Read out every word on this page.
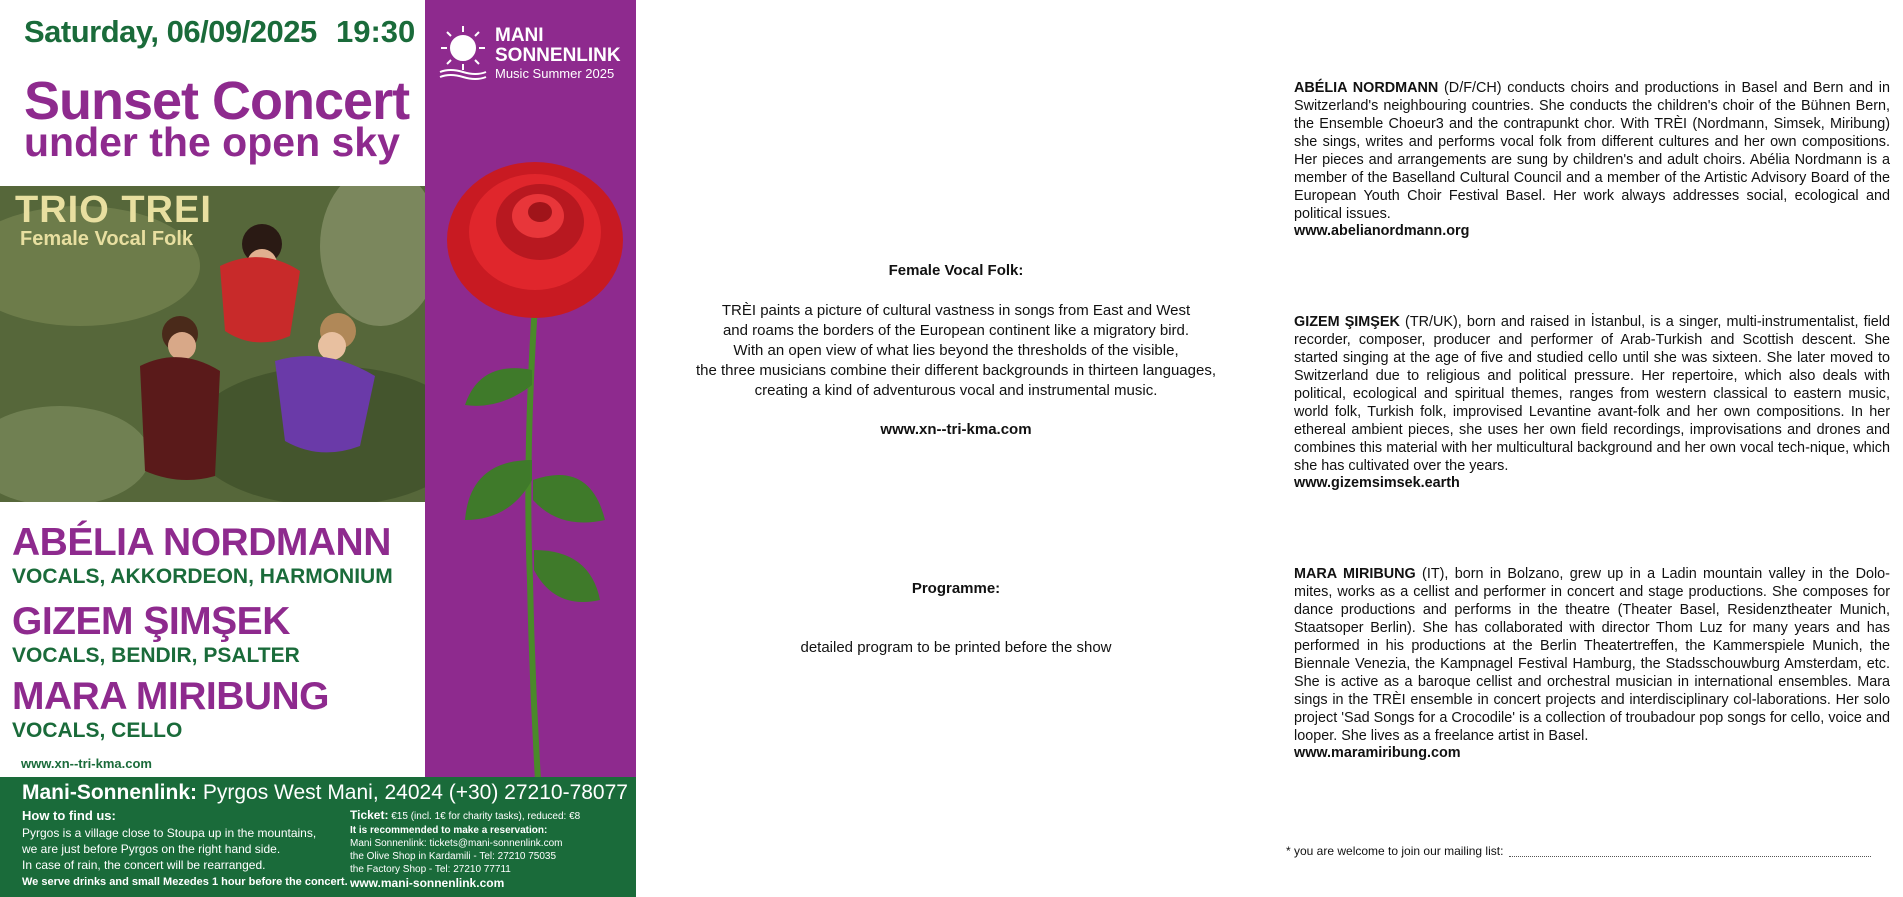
Saturday, 06/09/2025 19:30
Sunset Concert
under the open sky
MANI
SONNENLINK
Music Summer 2025
TRIO TREI
Female Vocal Folk
ABÉLIA NORDMANN
VOCALS, AKKORDEON, HARMONIUM
GIZEM ŞIMŞEK
VOCALS, BENDIR, PSALTER
MARA MIRIBUNG
VOCALS, CELLO
www.xn--tri-kma.com
Mani-Sonnenlink: Pyrgos West Mani, 24024 (+30) 27210-78077
How to find us:
Pyrgos is a village close to Stoupa up in the mountains,
we are just before Pyrgos on the right hand side.
In case of rain, the concert will be rearranged.
We serve drinks and small Mezedes 1 hour before the concert.
Ticket: €15 (incl. 1€ for charity tasks), reduced: €8
It is recommended to make a reservation:
Mani Sonnenlink: tickets@mani-sonnenlink.com
the Olive Shop in Kardamili - Tel: 27210 75035
the Factory Shop - Tel: 27210 77711
www.mani-sonnenlink.com
Female Vocal Folk:
TRÈI paints a picture of cultural vastness in songs from East and West
and roams the borders of the European continent like a migratory bird.
With an open view of what lies beyond the thresholds of the visible,
the three musicians combine their different backgrounds in thirteen languages,
creating a kind of adventurous vocal and instrumental music.
www.xn--tri-kma.com
Programme:
detailed program to be printed before the show
ABÉLIA NORDMANN (D/F/CH) conducts choirs and productions in Basel and Bern and in Switzerland's neighbouring countries. She conducts the children's choir of the Bühnen Bern, the Ensemble Choeur3 and the contrapunkt chor. With TRÈI (Nordmann, Simsek, Miribung) she sings, writes and performs vocal folk from different cultures and her own compositions. Her pieces and arrangements are sung by children's and adult choirs. Abélia Nordmann is a member of the Baselland Cultural Council and a member of the Artistic Advisory Board of the European Youth Choir Festival Basel. Her work always addresses social, ecological and political issues.
www.abelianordmann.org
GIZEM ŞIMŞEK (TR/UK), born and raised in İstanbul, is a singer, multi-instrumentalist, field recorder, composer, producer and performer of Arab-Turkish and Scottish descent. She started singing at the age of five and studied cello until she was sixteen. She later moved to Switzerland due to religious and political pressure. Her repertoire, which also deals with political, ecological and spiritual themes, ranges from western classical to eastern music, world folk, Turkish folk, improvised Levantine avant-folk and her own compositions. In her ethereal ambient pieces, she uses her own field recordings, improvisations and drones and combines this material with her multicultural background and her own vocal tech-nique, which she has cultivated over the years.
www.gizemsimsek.earth
MARA MIRIBUNG (IT), born in Bolzano, grew up in a Ladin mountain valley in the Dolo-mites, works as a cellist and performer in concert and stage productions. She composes for dance productions and performs in the theatre (Theater Basel, Residenztheater Munich, Staatsoper Berlin). She has collaborated with director Thom Luz for many years and has performed in his productions at the Berlin Theatertreffen, the Kammerspiele Munich, the Biennale Venezia, the Kampnagel Festival Hamburg, the Stadsschouwburg Amsterdam, etc. She is active as a baroque cellist and orchestral musician in international ensembles. Mara sings in the TRÈI ensemble in concert projects and interdisciplinary col-laborations. Her solo project 'Sad Songs for a Crocodile' is a collection of troubadour pop songs for cello, voice and looper. She lives as a freelance artist in Basel.
www.maramiribung.com
* you are welcome to join our mailing list:
